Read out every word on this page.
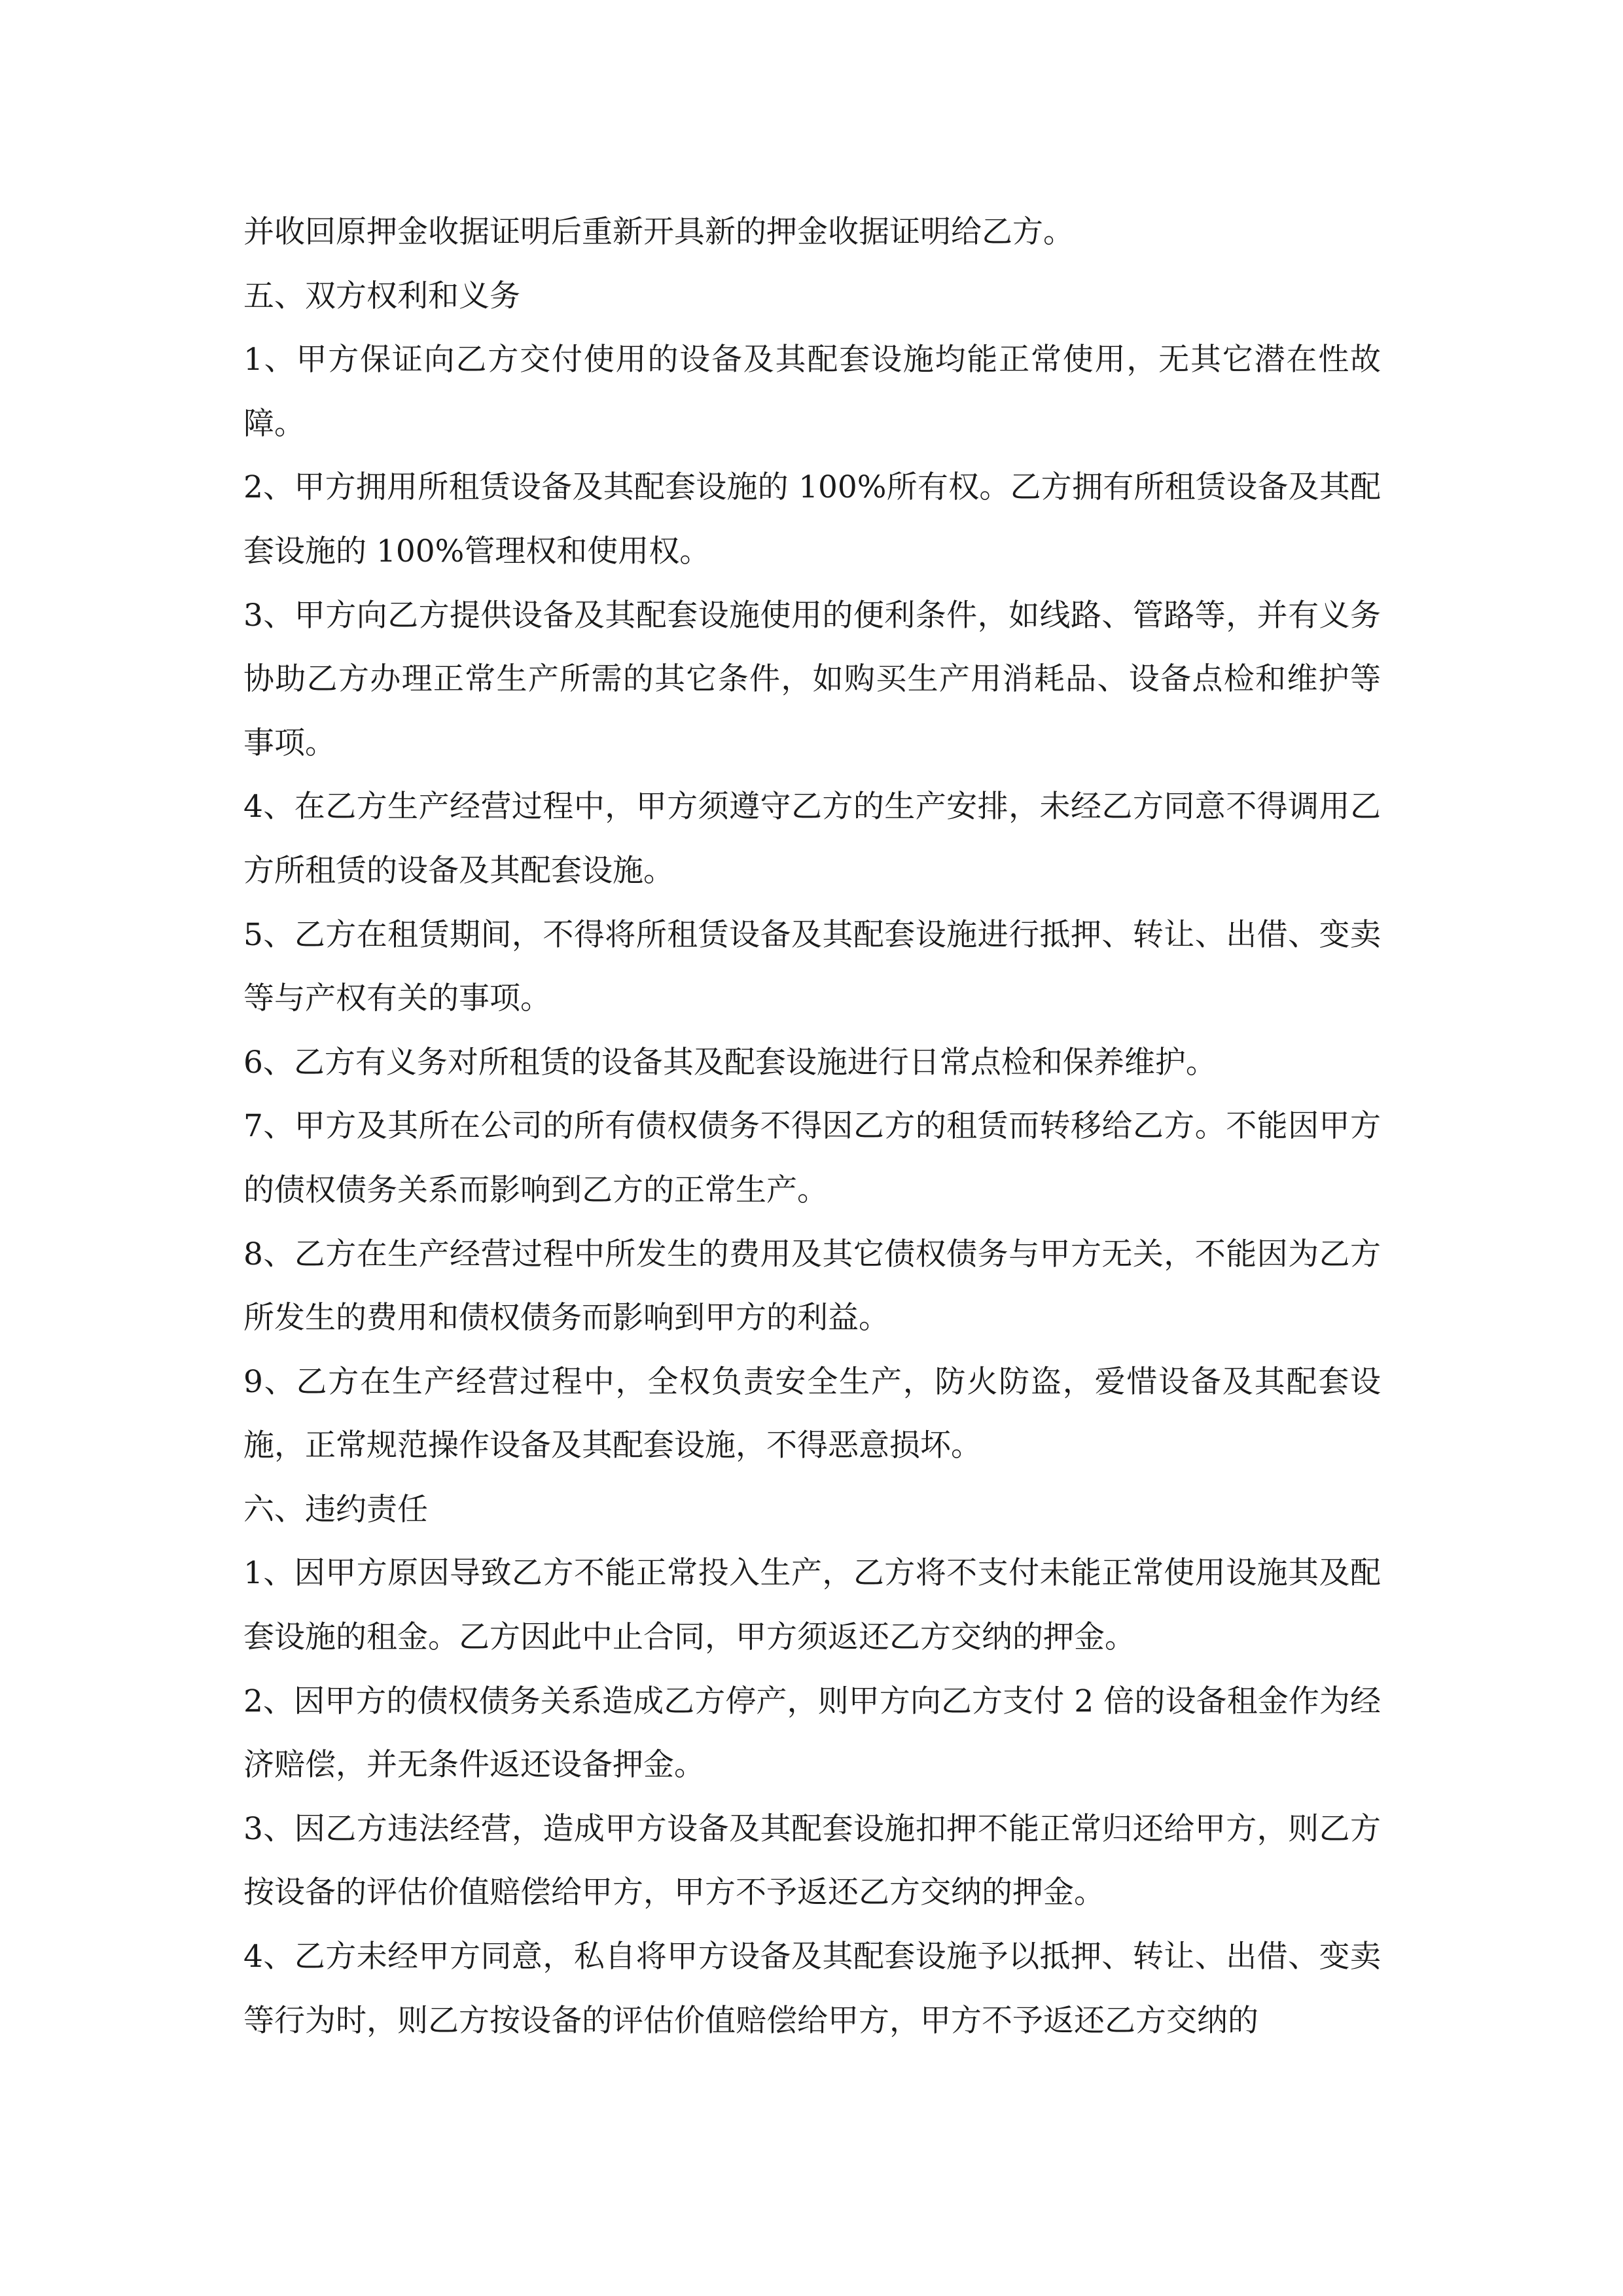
并收回原押金收据证明后重新开具新的押金收据证明给乙方。

五、双方权利和义务

1、甲方保证向乙方交付使用的设备及其配套设施均能正常使用，无其它潜在性故障。

2、甲方拥用所租赁设备及其配套设施的 100%所有权。乙方拥有所租赁设备及其配套设施的 100%管理权和使用权。

3、甲方向乙方提供设备及其配套设施使用的便利条件，如线路、管路等，并有义务协助乙方办理正常生产所需的其它条件，如购买生产用消耗品、设备点检和维护等事项。

4、在乙方生产经营过程中，甲方须遵守乙方的生产安排，未经乙方同意不得调用乙方所租赁的设备及其配套设施。

5、乙方在租赁期间，不得将所租赁设备及其配套设施进行抵押、转让、出借、变卖等与产权有关的事项。

6、乙方有义务对所租赁的设备其及配套设施进行日常点检和保养维护。

7、甲方及其所在公司的所有债权债务不得因乙方的租赁而转移给乙方。不能因甲方的债权债务关系而影响到乙方的正常生产。

8、乙方在生产经营过程中所发生的费用及其它债权债务与甲方无关，不能因为乙方所发生的费用和债权债务而影响到甲方的利益。

9、乙方在生产经营过程中，全权负责安全生产，防火防盗，爱惜设备及其配套设施，正常规范操作设备及其配套设施，不得恶意损坏。

六、违约责任

1、因甲方原因导致乙方不能正常投入生产，乙方将不支付未能正常使用设施其及配套设施的租金。乙方因此中止合同，甲方须返还乙方交纳的押金。

2、因甲方的债权债务关系造成乙方停产，则甲方向乙方支付 2 倍的设备租金作为经济赔偿，并无条件返还设备押金。

3、因乙方违法经营，造成甲方设备及其配套设施扣押不能正常归还给甲方，则乙方按设备的评估价值赔偿给甲方，甲方不予返还乙方交纳的押金。

4、乙方未经甲方同意，私自将甲方设备及其配套设施予以抵押、转让、出借、变卖等行为时，则乙方按设备的评估价值赔偿给甲方，甲方不予返还乙方交纳的
